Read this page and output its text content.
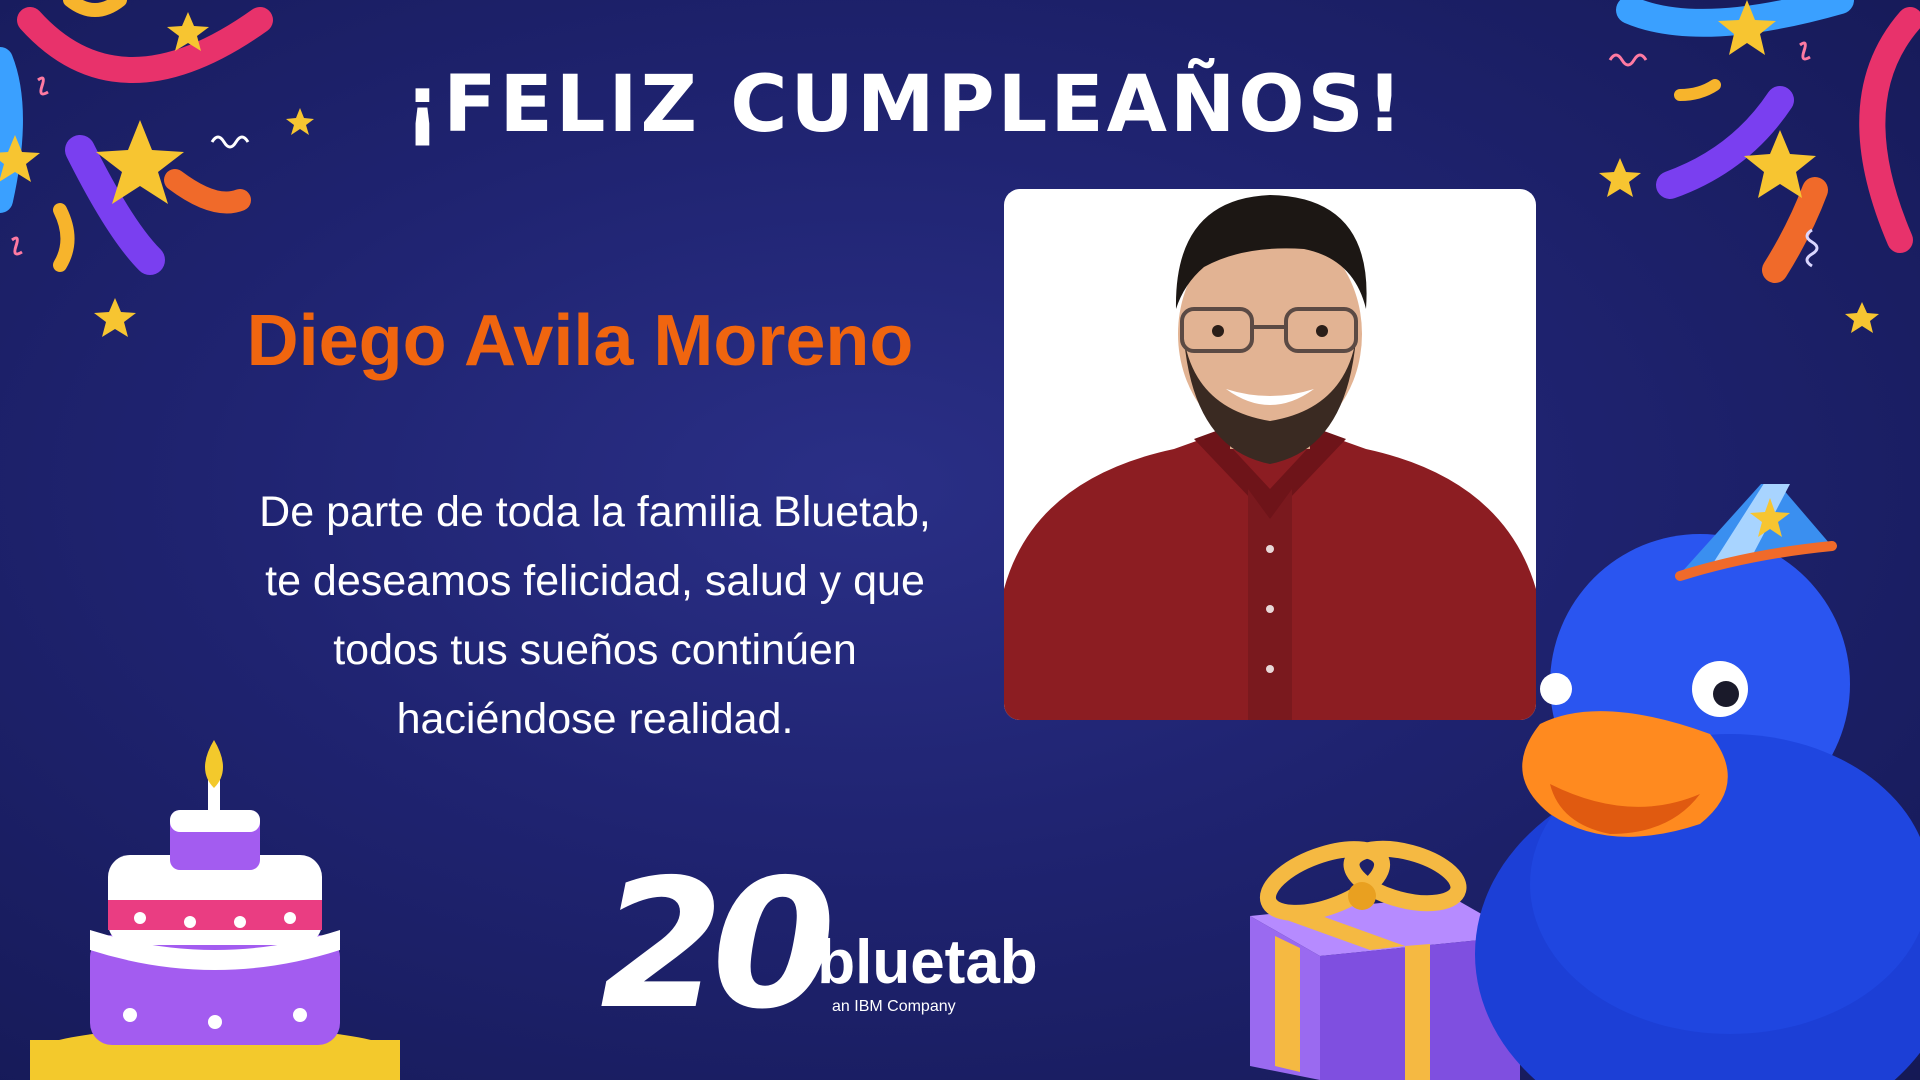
¡FELIZ CUMPLEAÑOS!
Diego Avila Moreno
De parte de toda la familia Bluetab,
te deseamos felicidad, salud y que
todos tus sueños continúen
haciéndose realidad.
20
/bluetab
an IBM Company
